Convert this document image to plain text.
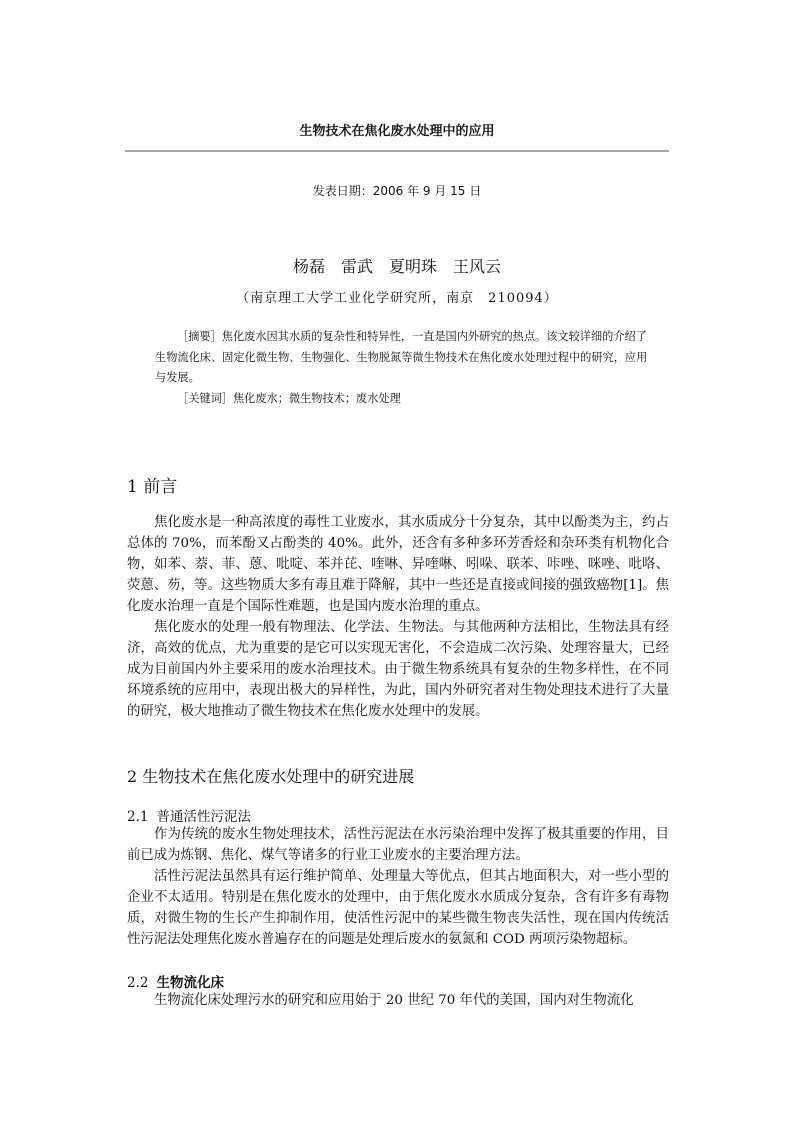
生物技术在焦化废水处理中的应用
发表日期：2006 年 9 月 15 日
杨磊　雷武　夏明珠　王风云
（南京理工大学工业化学研究所，南京　210094）

［摘要］焦化废水因其水质的复杂性和特异性，一直是国内外研究的热点。该文较详细的介绍了生物流化床、固定化微生物、生物强化、生物脱氮等微生物技术在焦化废水处理过程中的研究，应用与发展。

［关键词］焦化废水；微生物技术；废水处理

1 前言

焦化废水是一种高浓度的毒性工业废水，其水质成分十分复杂，其中以酚类为主，约占总体的 70%，而苯酚又占酚类的 40%。此外，还含有多种多环芳香烃和杂环类有机物化合物，如苯、萘、菲、蒽、吡啶、苯并芘、喹啉、异喹啉、吲哚、联苯、咔唑、咪唑、吡咯、荧蒽、芴，等。这些物质大多有毒且难于降解，其中一些还是直接或间接的强致癌物[1]。焦化废水治理一直是个国际性难题，也是国内废水治理的重点。

焦化废水的处理一般有物理法、化学法、生物法。与其他两种方法相比，生物法具有经济，高效的优点，尤为重要的是它可以实现无害化，不会造成二次污染、处理容量大，已经成为目前国内外主要采用的废水治理技术。由于微生物系统具有复杂的生物多样性，在不同环境系统的应用中，表现出极大的异样性，为此，国内外研究者对生物处理技术进行了大量的研究，极大地推动了微生物技术在焦化废水处理中的发展。

2 生物技术在焦化废水处理中的研究进展
2.1 普通活性污泥法

作为传统的废水生物处理技术，活性污泥法在水污染治理中发挥了极其重要的作用，目前已成为炼钢、焦化、煤气等诸多的行业工业废水的主要治理方法。

活性污泥法虽然具有运行维护简单、处理量大等优点，但其占地面积大，对一些小型的企业不太适用。特别是在焦化废水的处理中，由于焦化废水水质成分复杂，含有许多有毒物质，对微生物的生长产生抑制作用，使活性污泥中的某些微生物丧失活性，现在国内传统活性污泥法处理焦化废水普遍存在的问题是处理后废水的氨氮和 COD 两项污染物超标。

2.2 生物流化床

生物流化床处理污水的研究和应用始于 20 世纪 70 年代的美国，国内对生物流化
